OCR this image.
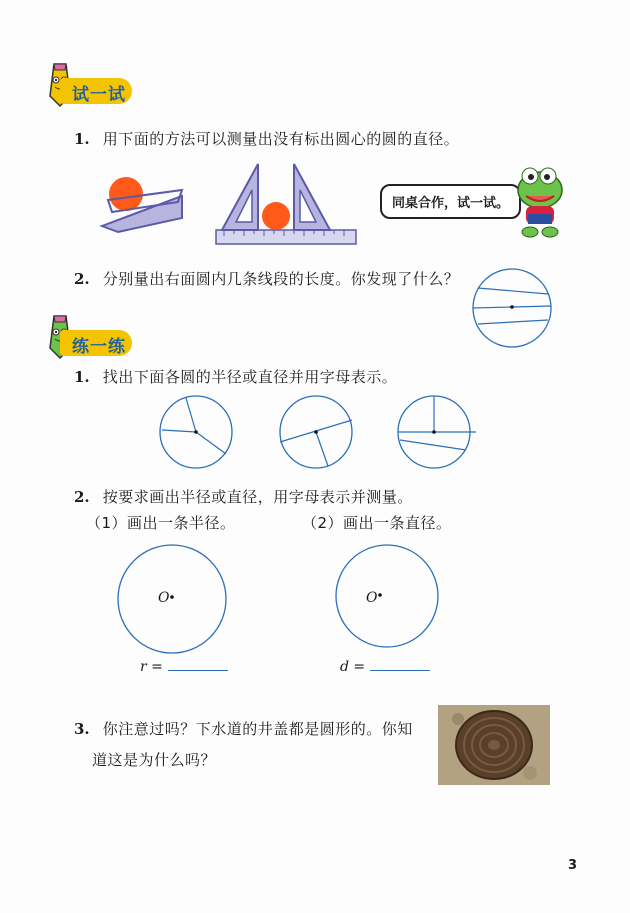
试一试
1. 用下面的方法可以测量出没有标出圆心的圆的直径。
同桌合作，试一试。
2. 分别量出右面圆内几条线段的长度。你发现了什么？
练一练
1. 找出下面各圆的半径或直径并用字母表示。
2. 按要求画出半径或直径，用字母表示并测量。
（1）画出一条半径。	（2）画出一条直径。
O	O
r =	d =
3. 你注意过吗？下水道的井盖都是圆形的。你知
道这是为什么吗？
3
